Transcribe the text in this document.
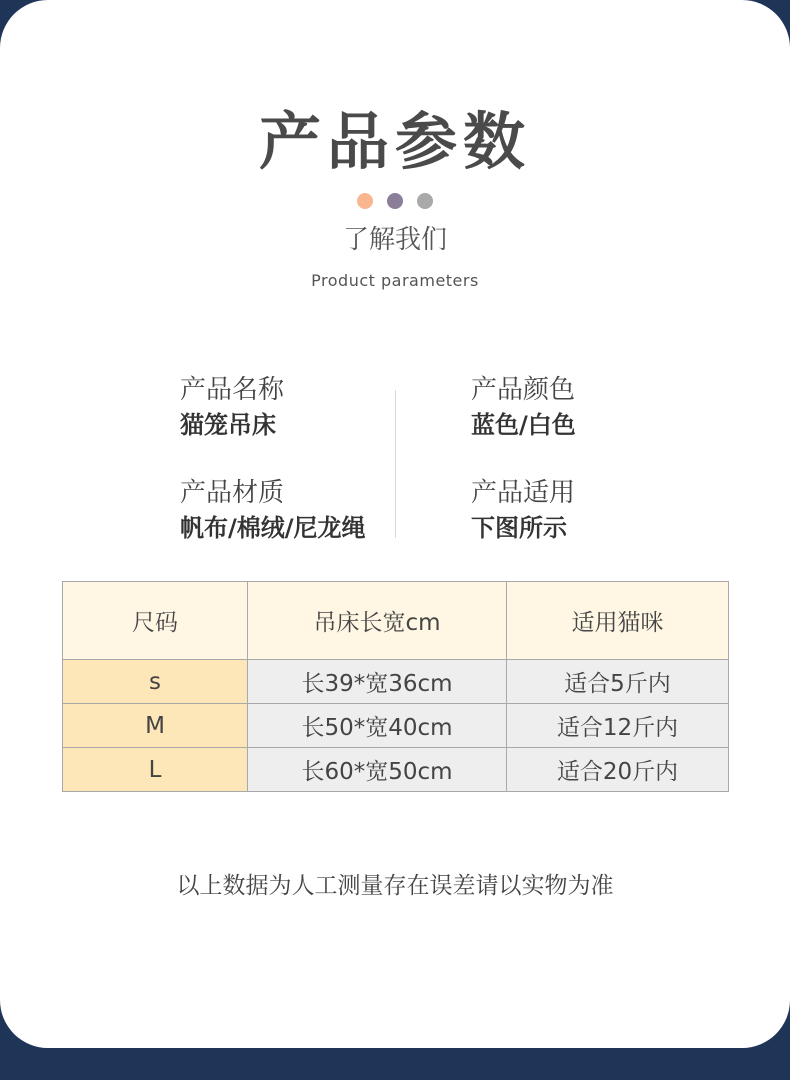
产品参数
了解我们
Product parameters
产品名称
猫笼吊床
产品颜色
蓝色/白色
产品材质
帆布/棉绒/尼龙绳
产品适用
下图所示
尺码	吊床长宽cm	适用猫咪
s	长39*宽36cm	适合5斤内
M	长50*宽40cm	适合12斤内
L	长60*宽50cm	适合20斤内
以上数据为人工测量存在误差请以实物为准
